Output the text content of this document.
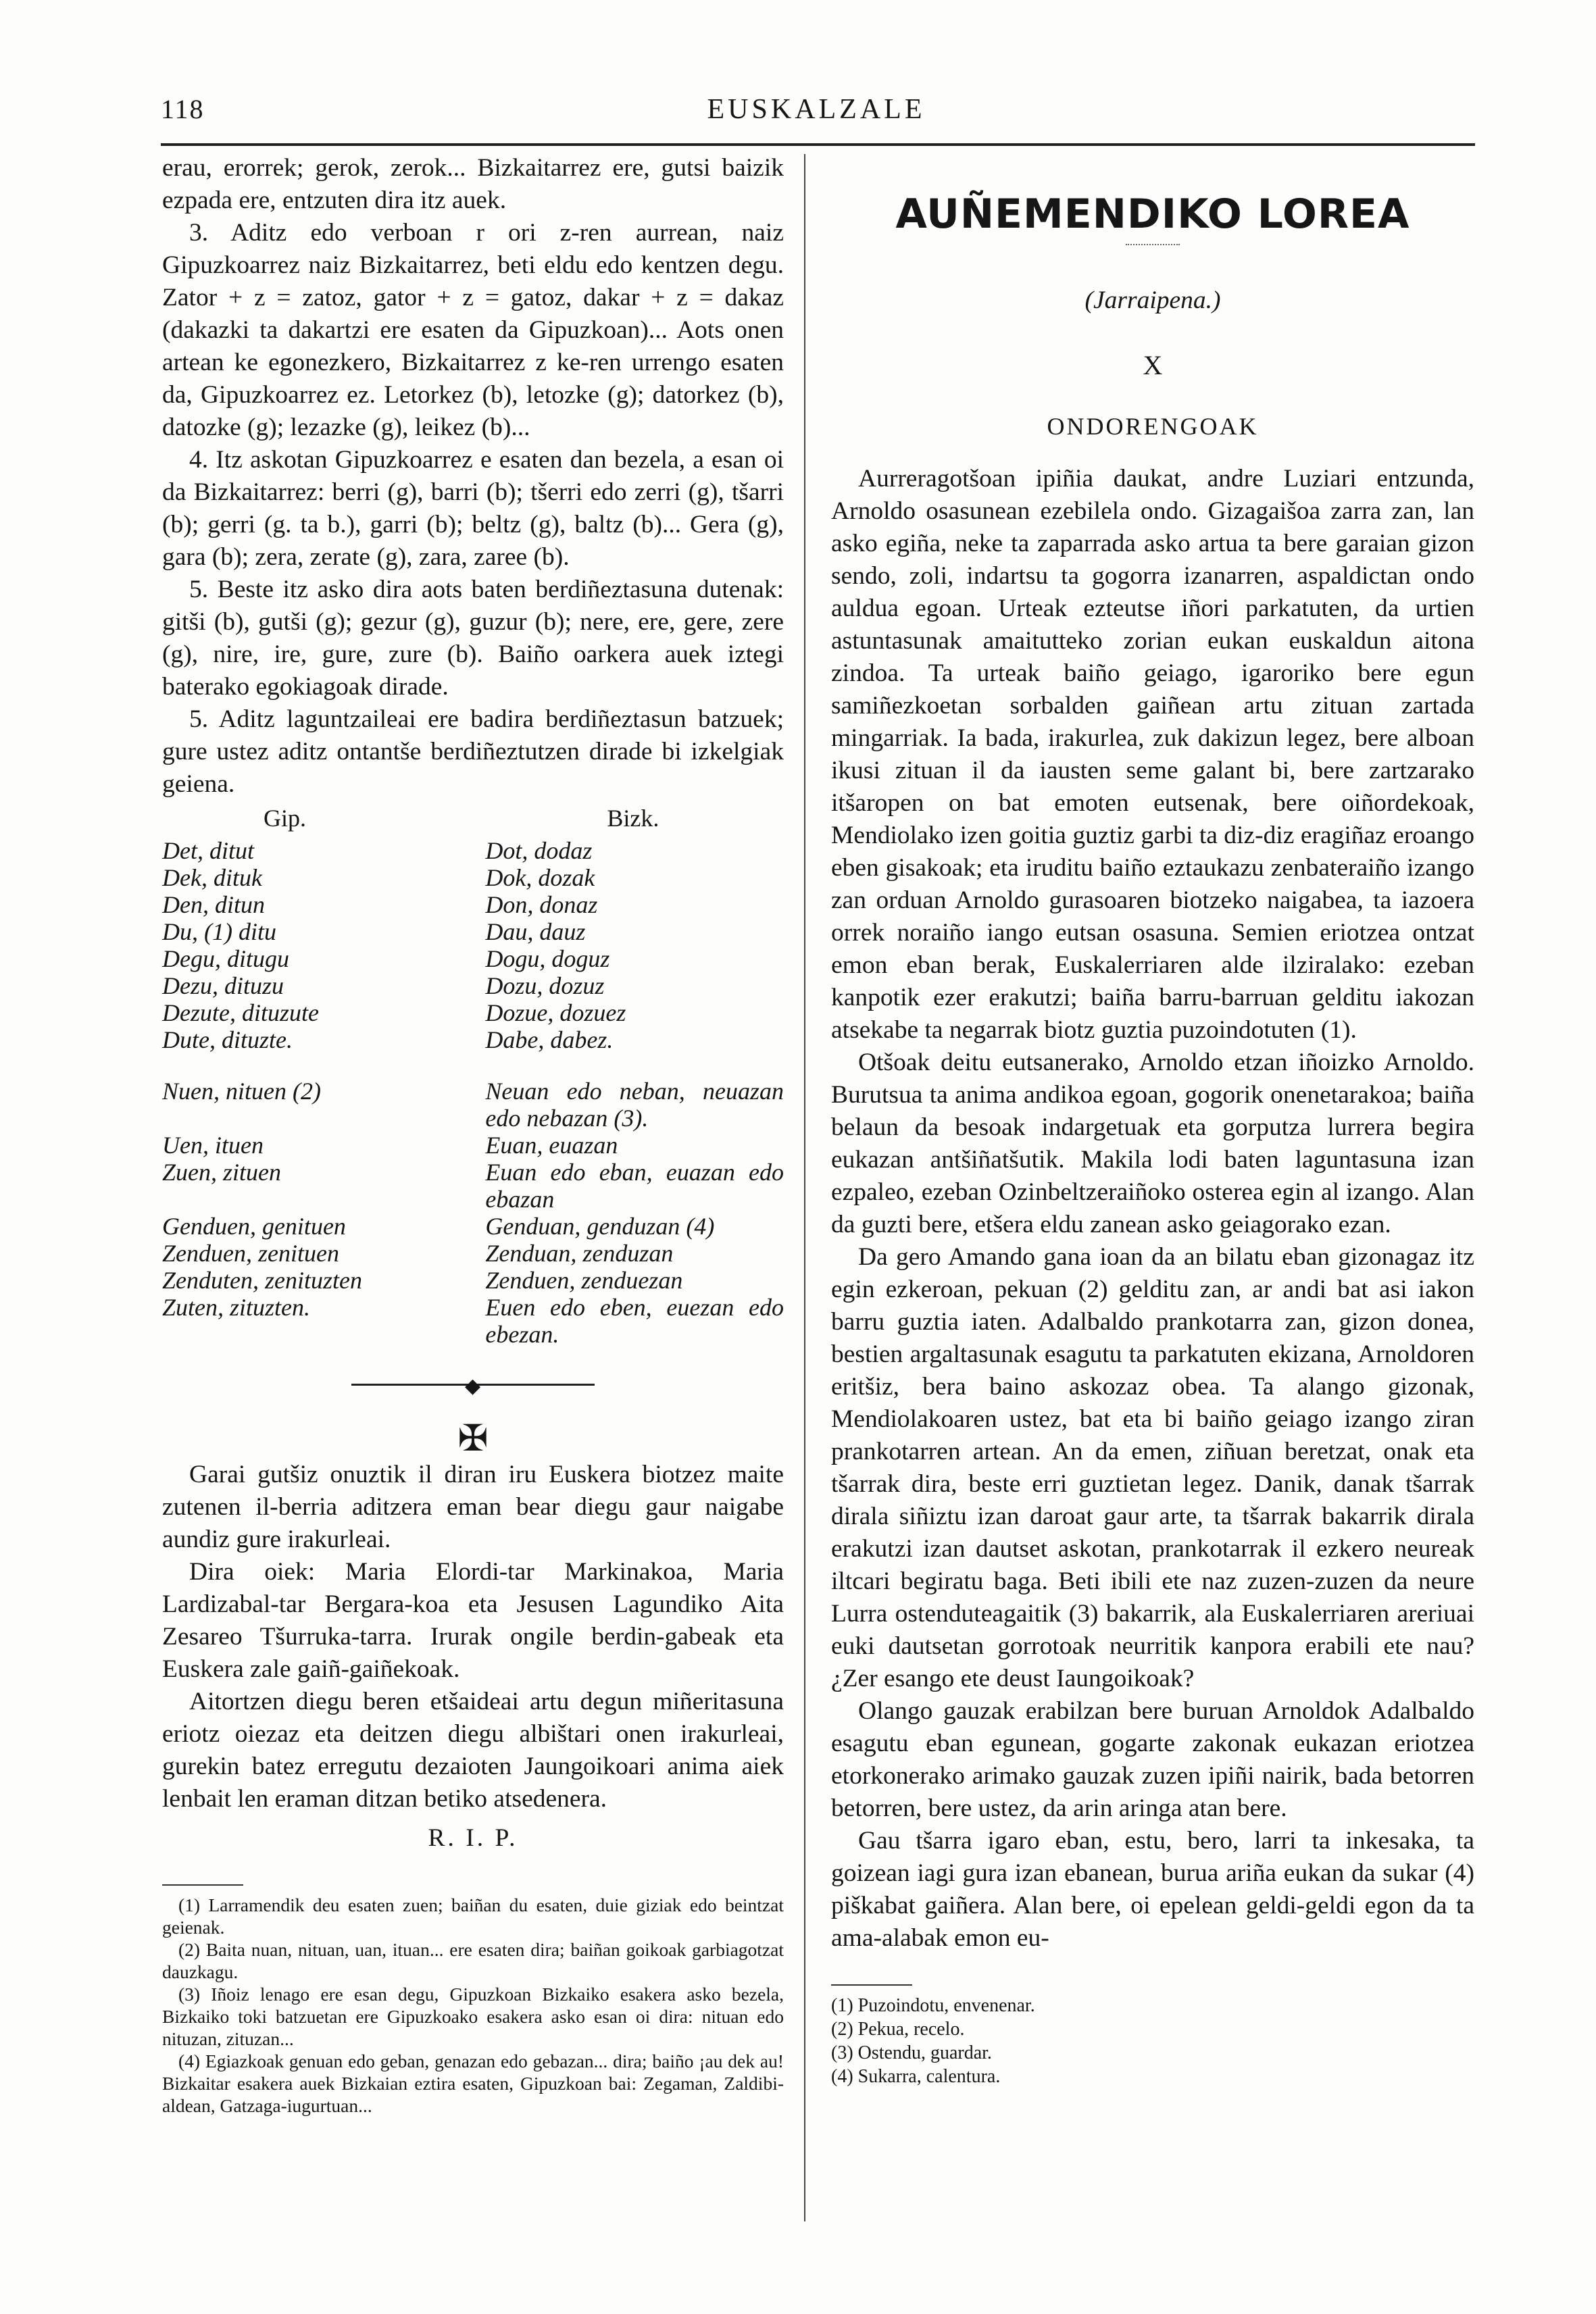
118	EUSKALZALE

erau, erorrek; gerok, zerok... Bizkaitarrez ere, gutsi baizik ezpada ere, entzuten dira itz auek.

3. Aditz edo verboan r ori z-ren aurrean, naiz Gipuzkoarrez naiz Bizkaitarrez, beti eldu edo kentzen degu. Zator + z = zatoz, gator + z = gatoz, dakar + z = dakaz (dakazki ta dakartzi ere esaten da Gipuzkoan)... Aots onen artean ke egonezkero, Bizkaitarrez z ke-ren urrengo esaten da, Gipuzkoarrez ez. Letorkez (b), letozke (g); datorkez (b), datozke (g); lezazke (g), leikez (b)...

4. Itz askotan Gipuzkoarrez e esaten dan bezela, a esan oi da Bizkaitarrez: berri (g), barri (b); tšerri edo zerri (g), tšarri (b); gerri (g. ta b.), garri (b); beltz (g), baltz (b)... Gera (g), gara (b); zera, zerate (g), zara, zaree (b).

5. Beste itz asko dira aots baten berdiñeztasuna dutenak: gitši (b), gutši (g); gezur (g), guzur (b); nere, ere, gere, zere (g), nire, ire, gure, zure (b). Baiño oarkera auek iztegi baterako egokiagoak dirade.

5. Aditz laguntzaileai ere badira berdiñeztasun batzuek; gure ustez aditz ontantše berdiñeztutzen dirade bi izkelgiak geiena.

Gip.	Bizk.
Det, ditut	Dot, dodaz
Dek, dituk	Dok, dozak
Den, ditun	Don, donaz
Du, (1) ditu	Dau, dauz
Degu, ditugu	Dogu, doguz
Dezu, dituzu	Dozu, dozuz
Dezute, dituzute	Dozue, dozuez
Dute, dituzte.	Dabe, dabez.

Nuen, nituen (2)	Neuan edo neban, neuazan edo nebazan (3).
Uen, ituen	Euan, euazan
Zuen, zituen	Euan edo eban, euazan edo ebazan
Genduen, genituen	Genduan, genduzan (4)
Zenduen, zenituen	Zenduan, zenduzan
Zenduten, zenituzten	Zenduen, zenduezan
Zuten, zituzten.	Euen edo eben, euezan edo ebezan.
◆
✠

Garai gutšiz onuztik il diran iru Euskera biotzez maite zutenen il-berria aditzera eman bear diegu gaur naigabe aundiz gure irakurleai.

Dira oiek: Maria Elordi-tar Markinakoa, Maria Lardizabal-tar Bergara-koa eta Jesusen Lagundiko Aita Zesareo Tšurruka-tarra. Irurak ongile berdin-gabeak eta Euskera zale gaiñ-gaiñekoak.

Aitortzen diegu beren etšaideai artu degun miñeritasuna eriotz oiezaz eta deitzen diegu albištari onen irakurleai, gurekin batez erregutu dezaioten Jaungoikoari anima aiek lenbait len eraman ditzan betiko atsedenera.

R. I. P.
(1) Larramendik deu esaten zuen; baiñan du esaten, duie giziak edo beintzat geienak.
(2) Baita nuan, nituan, uan, ituan... ere esaten dira; baiñan goikoak garbiagotzat dauzkagu.
(3) Iñoiz lenago ere esan degu, Gipuzkoan Bizkaiko esakera asko bezela, Bizkaiko toki batzuetan ere Gipuzkoako esakera asko esan oi dira: nituan edo nituzan, zituzan...
(4) Egiazkoak genuan edo geban, genazan edo gebazan... dira; baiño ¡au dek au! Bizkaitar esakera auek Bizkaian eztira esaten, Gipuzkoan bai: Zegaman, Zaldibi-aldean, Gatzaga-iugurtuan...
AUÑEMENDIKO LOREA
(Jarraipena.)
X
ONDORENGOAK

Aurreragotšoan ipiñia daukat, andre Luziari entzunda, Arnoldo osasunean ezebilela ondo. Gizagaišoa zarra zan, lan asko egiña, neke ta zaparrada asko artua ta bere garaian gizon sendo, zoli, indartsu ta gogorra izanarren, aspaldictan ondo auldua egoan. Urteak ezteutse iñori parkatuten, da urtien astuntasunak amaitutteko zorian eukan euskaldun aitona zindoa. Ta urteak baiño geiago, igaroriko bere egun samiñezkoetan sorbalden gaiñean artu zituan zartada mingarriak. Ia bada, irakurlea, zuk dakizun legez, bere alboan ikusi zituan il da iausten seme galant bi, bere zartzarako itšaropen on bat emoten eutsenak, bere oiñordekoak, Mendiolako izen goitia guztiz garbi ta diz-diz eragiñaz eroango eben gisakoak; eta iruditu baiño eztaukazu zenbateraiño izango zan orduan Arnoldo gurasoaren biotzeko naigabea, ta iazoera orrek noraiño iango eutsan osasuna. Semien eriotzea ontzat emon eban berak, Euskalerriaren alde ilziralako: ezeban kanpotik ezer erakutzi; baiña barru-barruan gelditu iakozan atsekabe ta negarrak biotz guztia puzoindotuten (1).

Otšoak deitu eutsanerako, Arnoldo etzan iñoizko Arnoldo. Burutsua ta anima andikoa egoan, gogorik onenetarakoa; baiña belaun da besoak indargetuak eta gorputza lurrera begira eukazan antšiñatšutik. Makila lodi baten laguntasuna izan ezpaleo, ezeban Ozinbeltzeraiñoko osterea egin al izango. Alan da guzti bere, etšera eldu zanean asko geiagorako ezan.

Da gero Amando gana ioan da an bilatu eban gizonagaz itz egin ezkeroan, pekuan (2) gelditu zan, ar andi bat asi iakon barru guztia iaten. Adalbaldo prankotarra zan, gizon donea, bestien argaltasunak esagutu ta parkatuten ekizana, Arnoldoren eritšiz, bera baino askozaz obea. Ta alango gizonak, Mendiolakoaren ustez, bat eta bi baiño geiago izango ziran prankotarren artean. An da emen, ziñuan beretzat, onak eta tšarrak dira, beste erri guztietan legez. Danik, danak tšarrak dirala siñiztu izan daroat gaur arte, ta tšarrak bakarrik dirala erakutzi izan dautset askotan, prankotarrak il ezkero neureak iltcari begiratu baga. Beti ibili ete naz zuzen-zuzen da neure Lurra ostenduteagaitik (3) bakarrik, ala Euskalerriaren areriuai euki dautsetan gorrotoak neurritik kanpora erabili ete nau? ¿Zer esango ete deust Iaungoikoak?

Olango gauzak erabilzan bere buruan Arnoldok Adalbaldo esagutu eban egunean, gogarte zakonak eukazan eriotzea etorkonerako arimako gauzak zuzen ipiñi nairik, bada betorren betorren, bere ustez, da arin aringa atan bere.

Gau tšarra igaro eban, estu, bero, larri ta inkesaka, ta goizean iagi gura izan ebanean, burua ariña eukan da sukar (4) piškabat gaiñera. Alan bere, oi epelean geldi-geldi egon da ta ama-alabak emon eu-

(1) Puzoindotu, envenenar.
(2) Pekua, recelo.
(3) Ostendu, guardar.
(4) Sukarra, calentura.
